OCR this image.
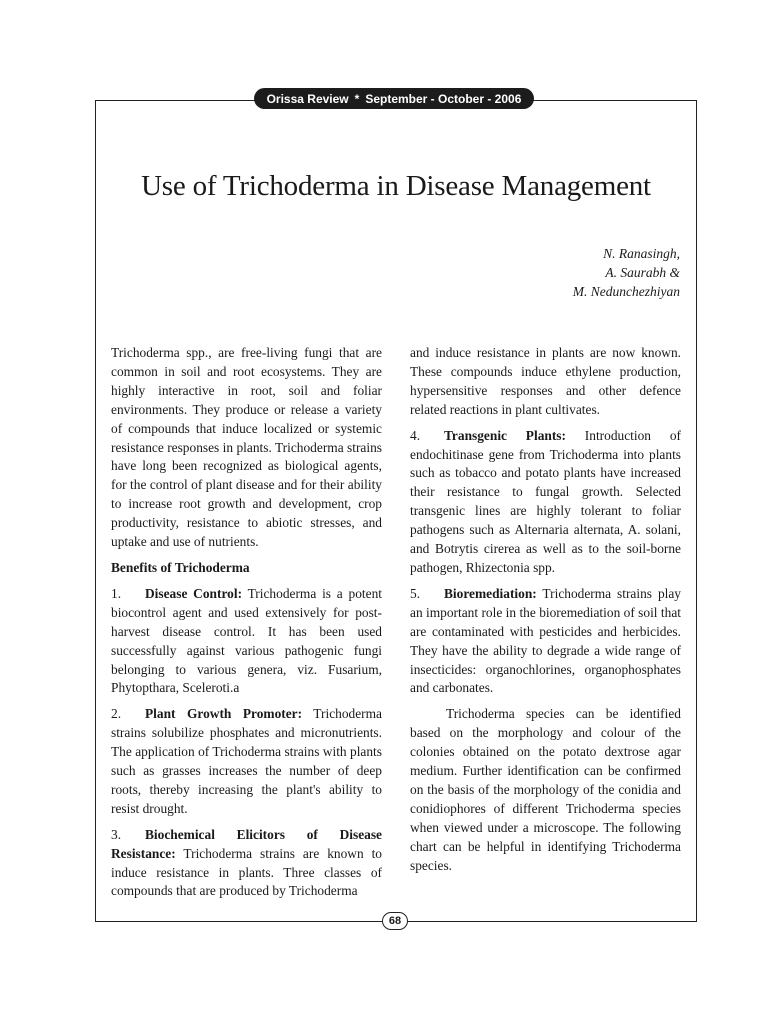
Orissa Review * September - October - 2006
Use of Trichoderma in Disease Management
N. Ranasingh,
A. Saurabh &
M. Nedunchezhiyan

Trichoderma spp., are free-living fungi that are common in soil and root ecosystems. They are highly interactive in root, soil and foliar environments. They produce or release a variety of compounds that induce localized or systemic resistance responses in plants. Trichoderma strains have long been recognized as biological agents, for the control of plant disease and for their ability to increase root growth and development, crop productivity, resistance to abiotic stresses, and uptake and use of nutrients.

Benefits of Trichoderma

1. Disease Control: Trichoderma is a potent biocontrol agent and used extensively for post-harvest disease control. It has been used successfully against various pathogenic fungi belonging to various genera, viz. Fusarium, Phytopthara, Sceleroti.a

2. Plant Growth Promoter: Trichoderma strains solubilize phosphates and micronutrients. The application of Trichoderma strains with plants such as grasses increases the number of deep roots, thereby increasing the plant's ability to resist drought.

3. Biochemical Elicitors of Disease Resistance: Trichoderma strains are known to induce resistance in plants. Three classes of compounds that are produced by Trichoderma

and induce resistance in plants are now known. These compounds induce ethylene production, hypersensitive responses and other defence related reactions in plant cultivates.

4. Transgenic Plants: Introduction of endochitinase gene from Trichoderma into plants such as tobacco and potato plants have increased their resistance to fungal growth. Selected transgenic lines are highly tolerant to foliar pathogens such as Alternaria alternata, A. solani, and Botrytis cirerea as well as to the soil-borne pathogen, Rhizectonia spp.

5. Bioremediation: Trichoderma strains play an important role in the bioremediation of soil that are contaminated with pesticides and herbicides. They have the ability to degrade a wide range of insecticides: organochlorines, organophosphates and carbonates.

Trichoderma species can be identified based on the morphology and colour of the colonies obtained on the potato dextrose agar medium. Further identification can be confirmed on the basis of the morphology of the conidia and conidiophores of different Trichoderma species when viewed under a microscope. The following chart can be helpful in identifying Trichoderma species.

68
